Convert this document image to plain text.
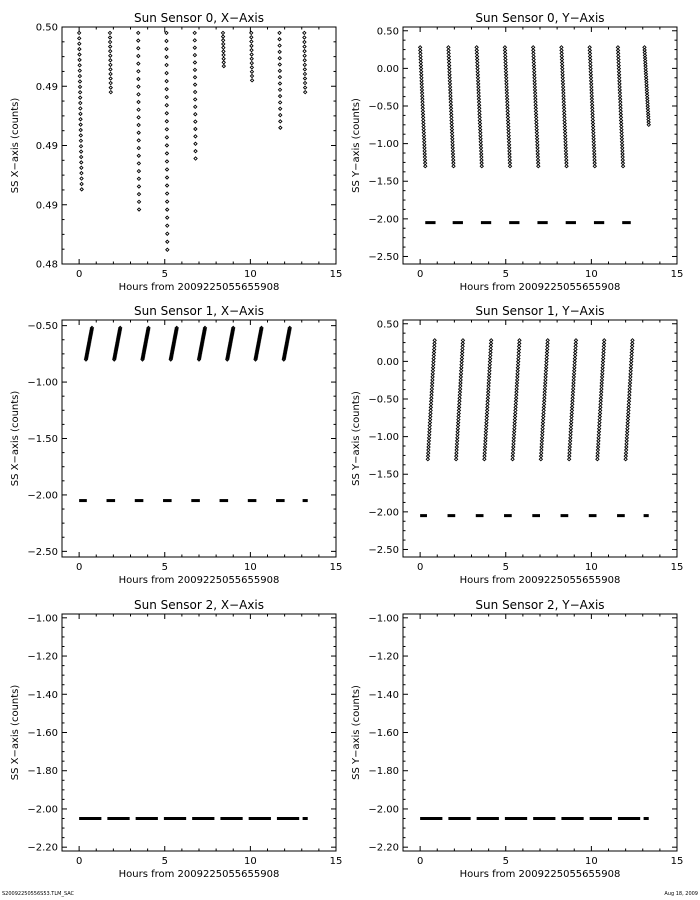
Sun Sensor 0, X−Axis
0	5	10	15
0.48
0.49
0.49
0.49
0.50
Hours from 2009225055655908
SS X−axis (counts)
Sun Sensor 0, Y−Axis
0	5	10	15
−2.50
−2.00
−1.50
−1.00
−0.50
0.00
0.50
Hours from 2009225055655908
SS Y−axis (counts)
Sun Sensor 1, X−Axis
0	5	10	15
−2.50
−2.00
−1.50
−1.00
−0.50
Hours from 2009225055655908
SS X−axis (counts)
Sun Sensor 1, Y−Axis
0	5	10	15
−2.50
−2.00
−1.50
−1.00
−0.50
0.00
0.50
Hours from 2009225055655908
SS Y−axis (counts)
Sun Sensor 2, X−Axis
0	5	10	15
−2.20
−2.00
−1.80
−1.60
−1.40
−1.20
−1.00
Hours from 2009225055655908
SS X−axis (counts)
Sun Sensor 2, Y−Axis
0	5	10	15
−2.20
−2.00
−1.80
−1.60
−1.40
−1.20
−1.00
Hours from 2009225055655908
SS Y−axis (counts)
S20092250556S53.TLM_SAC	Aug 18, 2009
